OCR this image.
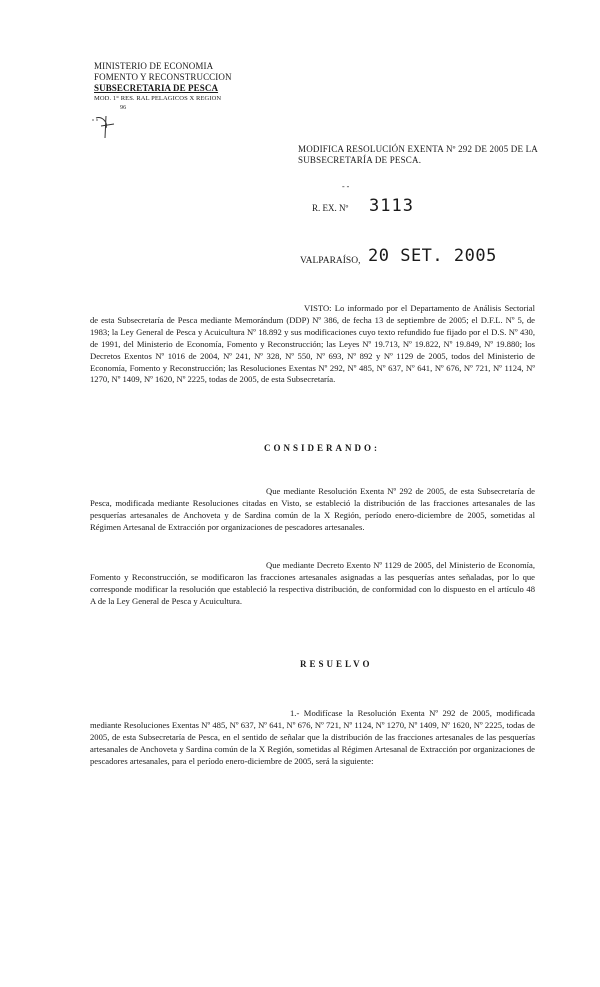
MINISTERIO DE ECONOMIA
FOMENTO Y RECONSTRUCCION
SUBSECRETARIA DE PESCA
MOD. 1° RES. RAL PELAGICOS X REGION
96
MODIFICA RESOLUCIÓN EXENTA Nº 292 DE 2005 DE LA SUBSECRETARÍA DE PESCA.
- -
R. EX. Nº 3113
VALPARAÍSO, 20 SET. 2005
VISTO: Lo informado por el Departamento de Análisis Sectorial de esta Subsecretaría de Pesca mediante Memorándum (DDP) Nº 386, de fecha 13 de septiembre de 2005; el D.F.L. Nº 5, de 1983; la Ley General de Pesca y Acuicultura Nº 18.892 y sus modificaciones cuyo texto refundido fue fijado por el D.S. Nº 430, de 1991, del Ministerio de Economía, Fomento y Reconstrucción; las Leyes Nº 19.713, Nº 19.822, Nº 19.849, Nº 19.880; los Decretos Exentos Nº 1016 de 2004, Nº 241, Nº 328, Nº 550, Nº 693, Nº 892 y Nº 1129 de 2005, todos del Ministerio de Economía, Fomento y Reconstrucción; las Resoluciones Exentas Nº 292, Nº 485, Nº 637, Nº 641, Nº 676, Nº 721, Nº 1124, Nº 1270, Nº 1409, Nº 1620, Nº 2225, todas de 2005, de esta Subsecretaría.
CONSIDERANDO:
Que mediante Resolución Exenta Nº 292 de 2005, de esta Subsecretaría de Pesca, modificada mediante Resoluciones citadas en Visto, se estableció la distribución de las fracciones artesanales de las pesquerías artesanales de Anchoveta y de Sardina común de la X Región, período enero-diciembre de 2005, sometidas al Régimen Artesanal de Extracción por organizaciones de pescadores artesanales.
Que mediante Decreto Exento Nº 1129 de 2005, del Ministerio de Economía, Fomento y Reconstrucción, se modificaron las fracciones artesanales asignadas a las pesquerías antes señaladas, por lo que corresponde modificar la resolución que estableció la respectiva distribución, de conformidad con lo dispuesto en el artículo 48 A de la Ley General de Pesca y Acuicultura.
RESUELVO
1.- Modifícase la Resolución Exenta Nº 292 de 2005, modificada mediante Resoluciones Exentas Nº 485, Nº 637, Nº 641, Nº 676, Nº 721, Nº 1124, Nº 1270, Nº 1409, Nº 1620, Nº 2225, todas de 2005, de esta Subsecretaría de Pesca, en el sentido de señalar que la distribución de las fracciones artesanales de las pesquerías artesanales de Anchoveta y Sardina común de la X Región, sometidas al Régimen Artesanal de Extracción por organizaciones de pescadores artesanales, para el período enero-diciembre de 2005, será la siguiente:
